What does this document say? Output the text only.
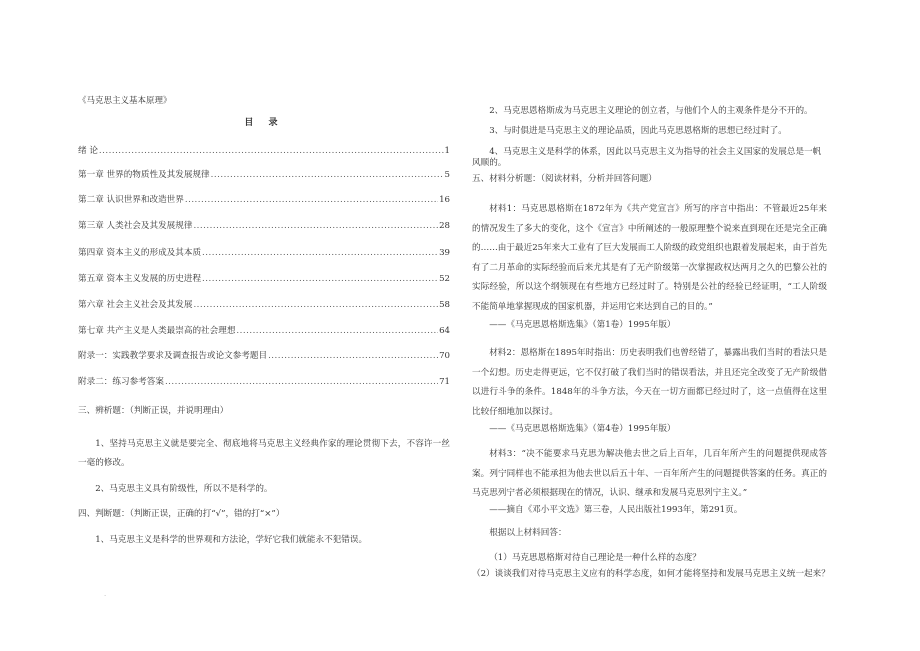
《马克思主义基本原理》
目 录
绪 论 .....	1
第一章 世界的物质性及其发展规律 .....	5
第二章 认识世界和改造世界 .....	16
第三章 人类社会及其发展规律 .....	28
第四章 资本主义的形成及其本质 .....	39
第五章 资本主义发展的历史进程 .....	52
第六章 社会主义社会及其发展 .....	58
第七章 共产主义是人类最崇高的社会理想 .....	64
附录一：实践教学要求及调查报告或论文参考题目 .....	70
附录二：练习参考答案 .....	71
三、辨析题：（判断正误，并说明理由）
1、坚持马克思主义就是要完全、彻底地将马克思主义经典作家的理论贯彻下去，不容许一丝一毫的修改。
2、马克思主义具有阶级性，所以不是科学的。
四、判断题：（判断正误，正确的打“√”，错的打“×”）
1、马克思主义是科学的世界观和方法论，学好它我们就能永不犯错误。
2、马克思恩格斯成为马克思主义理论的创立者，与他们个人的主观条件是分不开的。
3、与时俱进是马克思主义的理论品质，因此马克思恩格斯的思想已经过时了。
4、马克思主义是科学的体系，因此以马克思主义为指导的社会主义国家的发展总是一帆风顺的。
五、材料分析题：（阅读材料，分析并回答问题）
材料1：马克思恩格斯在1872年为《共产党宣言》所写的序言中指出：不管最近25年来的情况发生了多大的变化，这个《宣言》中所阐述的一般原理整个说来直到现在还是完全正确的……由于最近25年来大工业有了巨大发展而工人阶级的政党组织也跟着发展起来，由于首先有了二月革命的实际经验而后来尤其是有了无产阶级第一次掌握政权达两月之久的巴黎公社的实际经验，所以这个纲领现在有些地方已经过时了。特别是公社的经验已经证明，“工人阶级不能简单地掌握现成的国家机器，并运用它来达到自己的目的。”
——《马克思恩格斯选集》（第1卷）1995年版）
材料2：恩格斯在1895年时指出：历史表明我们也曾经错了，暴露出我们当时的看法只是一个幻想。历史走得更远，它不仅打破了我们当时的错误看法，并且还完全改变了无产阶级借以进行斗争的条件。1848年的斗争方法，今天在一切方面都已经过时了，这一点值得在这里比较仔细地加以探讨。
——《马克思恩格斯选集》（第4卷）1995年版）
材料3：“决不能要求马克思为解决他去世之后上百年，几百年所产生的问题提供现成答案。列宁同样也不能承担为他去世以后五十年、一百年所产生的问题提供答案的任务。真正的马克思列宁者必须根据现在的情况，认识、继承和发展马克思列宁主义。”
——摘自《邓小平文选》第三卷，人民出版社1993年，第291页。
根据以上材料回答：
（1）马克思恩格斯对待自己理论是一种什么样的态度？
（2）谈谈我们对待马克思主义应有的科学态度，如何才能将坚持和发展马克思主义统一起来？
·
